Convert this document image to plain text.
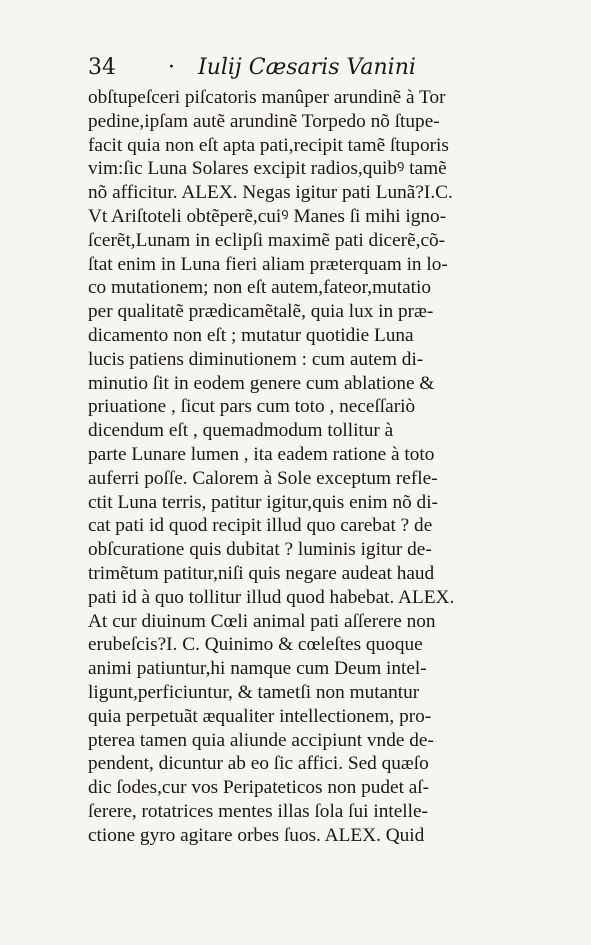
34 · Iulij Cæsaris Vanini
obſtupeſceri piſcatoris manûper arundinẽ à Tor
pedine,ipſam autẽ arundinẽ Torpedo nõ ſtupe-
facit quia non eſt apta pati,recipit tamẽ ſtuporis
vim:ſic Luna Solares excipit radios,quibꝰ tamẽ
nõ afficitur. ALEX. Negas igitur pati Lunã?I.C.
Vt Ariſtoteli obtẽperẽ,cuiꝰ Manes ſi mihi igno-
ſcerẽt,Lunam in eclipſi maximẽ pati dicerẽ,cõ-
ſtat enim in Luna fieri aliam præterquam in lo-
co mutationem; non eſt autem,fateor,mutatio
per qualitatẽ prædicamẽtalẽ, quia lux in præ-
dicamento non eſt ; mutatur quotidie Luna
lucis patiens diminutionem : cum autem di-
minutio ſit in eodem genere cum ablatione &
priuatione , ſicut pars cum toto , neceſſariò
dicendum eſt , quemadmodum tollitur à
parte Lunare lumen , ita eadem ratione à toto
auferri poſſe. Calorem à Sole exceptum refle-
ctit Luna terris, patitur igitur,quis enim nõ di-
cat pati id quod recipit illud quo carebat ? de
obſcuratione quis dubitat ? luminis igitur de-
trimẽtum patitur,niſi quis negare audeat haud
pati id à quo tollitur illud quod habebat. ALEX.
At cur diuinum Cœli animal pati aſſerere non
erubeſcis?I. C. Quinimo & cœleſtes quoque
animi patiuntur,hi namque cum Deum intel-
ligunt,perficiuntur, & tametſi non mutantur
quia perpetuãt æqualiter intellectionem, pro-
pterea tamen quia aliunde accipiunt vnde de-
pendent, dicuntur ab eo ſic affici. Sed quæſo
dic ſodes,cur vos Peripateticos non pudet aſ-
ſerere, rotatrices mentes illas ſola ſui intelle-
ctione gyro agitare orbes ſuos. ALEX. Quid
